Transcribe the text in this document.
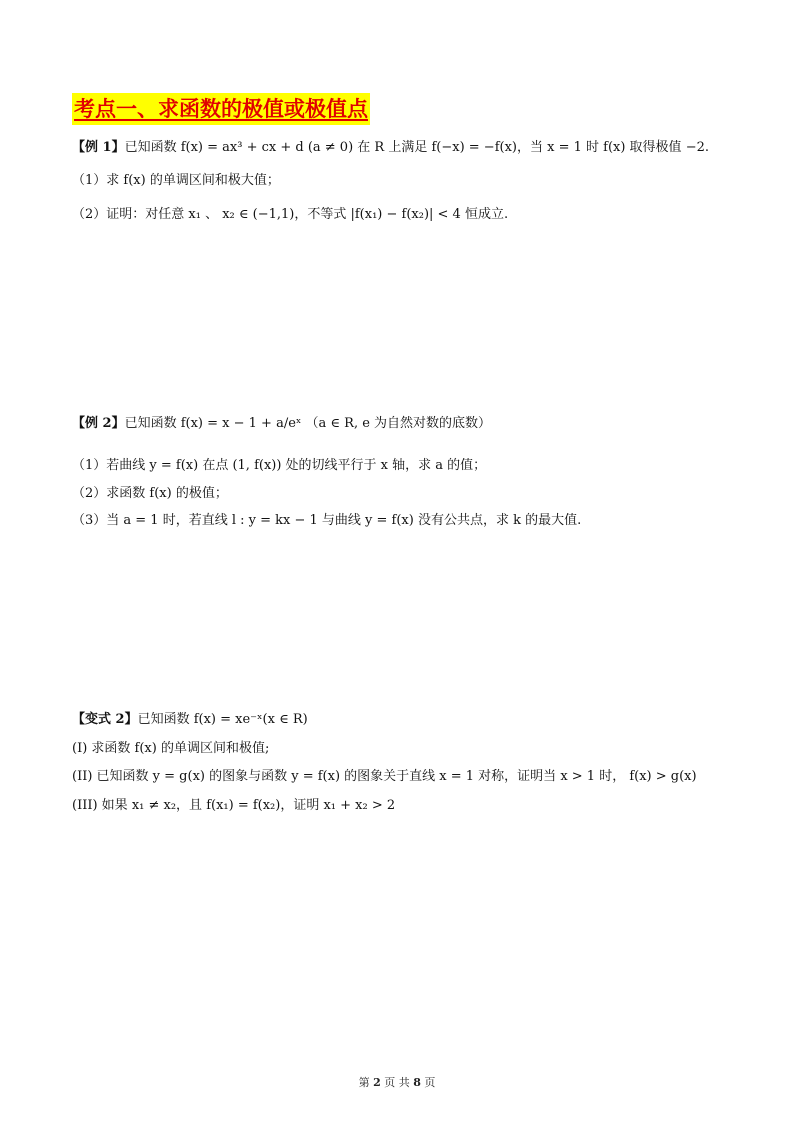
考点一、求函数的极值或极值点
【例 1】已知函数 f(x) = ax³ + cx + d (a ≠ 0) 在 R 上满足 f(−x) = −f(x)，当 x = 1 时 f(x) 取得极值 −2.
（1）求 f(x) 的单调区间和极大值；
（2）证明：对任意 x₁ 、 x₂ ∈ (−1,1)，不等式 |f(x₁) − f(x₂)| < 4 恒成立.
【例 2】已知函数 f(x) = x − 1 + a/eˣ （a ∈ R, e 为自然对数的底数）
（1）若曲线 y = f(x) 在点 (1, f(x)) 处的切线平行于 x 轴，求 a 的值；
（2）求函数 f(x) 的极值；
（3）当 a = 1 时，若直线 l : y = kx − 1 与曲线 y = f(x) 没有公共点，求 k 的最大值.
【变式 2】已知函数 f(x) = xe⁻ˣ(x ∈ R)
(I) 求函数 f(x) 的单调区间和极值;
(II) 已知函数 y = g(x) 的图象与函数 y = f(x) 的图象关于直线 x = 1 对称，证明当 x > 1 时， f(x) > g(x)
(III) 如果 x₁ ≠ x₂，且 f(x₁) = f(x₂)，证明 x₁ + x₂ > 2
第 2 页 共 8 页
